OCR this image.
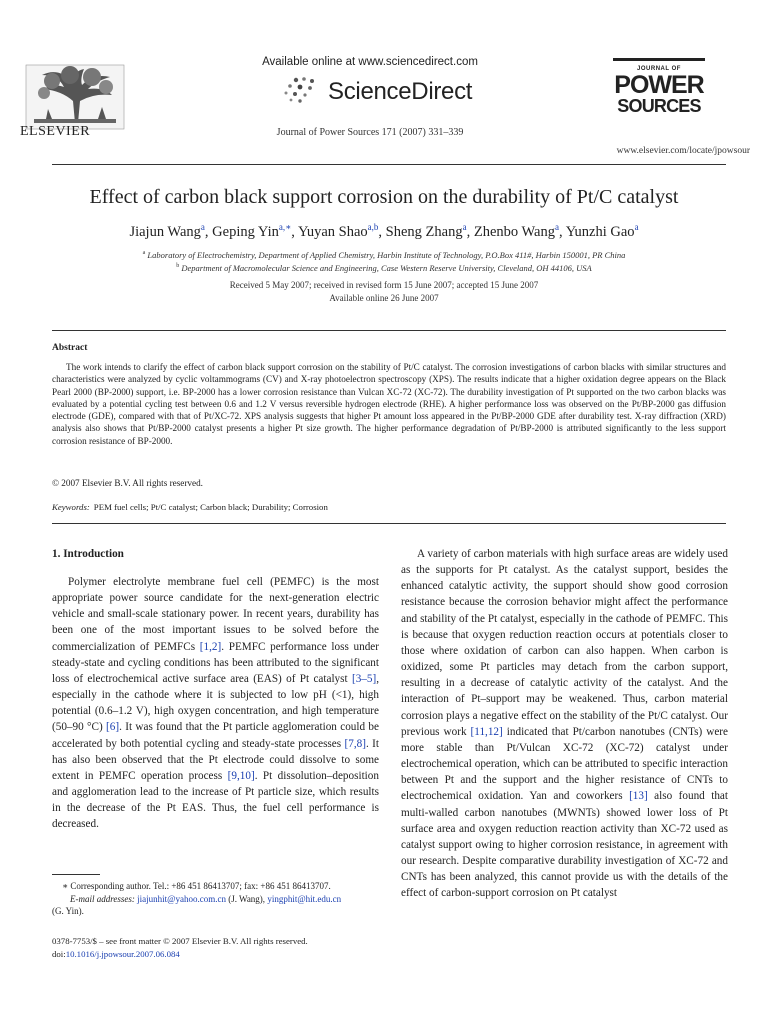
ELSEVIER
Available online at www.sciencedirect.com
ScienceDirect
Journal of Power Sources 171 (2007) 331–339
JOURNAL OF
POWER
SOURCES
www.elsevier.com/locate/jpowsour
Effect of carbon black support corrosion on the durability of Pt/C catalyst
Jiajun Wang$^a$, Geping Yin$^{a,∗}$, Yuyan Shao$^{a,b}$, Sheng Zhang$^a$, Zhenbo Wang$^a$, Yunzhi Gao$^a$
$^a$ Laboratory of Electrochemistry, Department of Applied Chemistry, Harbin Institute of Technology, P.O.Box 411#, Harbin 150001, PR China
$^b$ Department of Macromolecular Science and Engineering, Case Western Reserve University, Cleveland, OH 44106, USA
Received 5 May 2007; received in revised form 15 June 2007; accepted 15 June 2007
Available online 26 June 2007
Abstract

The work intends to clarify the effect of carbon black support corrosion on the stability of Pt/C catalyst. The corrosion investigations of carbon blacks with similar structures and characteristics were analyzed by cyclic voltammograms (CV) and X-ray photoelectron spectroscopy (XPS). The results indicate that a higher oxidation degree appears on the Black Pearl 2000 (BP-2000) support, i.e. BP-2000 has a lower corrosion resistance than Vulcan XC-72 (XC-72). The durability investigation of Pt supported on the two carbon blacks was evaluated by a potential cycling test between 0.6 and 1.2 V versus reversible hydrogen electrode (RHE). A higher performance loss was observed on the Pt/BP-2000 gas diffusion electrode (GDE), compared with that of Pt/XC-72. XPS analysis suggests that higher Pt amount loss appeared in the Pt/BP-2000 GDE after durability test. X-ray diffraction (XRD) analysis also shows that Pt/BP-2000 catalyst presents a higher Pt size growth. The higher performance degradation of Pt/BP-2000 is attributed significantly to the less support corrosion resistance of BP-2000.

© 2007 Elsevier B.V. All rights reserved.
Keywords: PEM fuel cells; Pt/C catalyst; Carbon black; Durability; Corrosion
1. Introduction

Polymer electrolyte membrane fuel cell (PEMFC) is the most appropriate power source candidate for the next-generation electric vehicle and small-scale stationary power. In recent years, durability has been one of the most important issues to be solved before the commercialization of PEMFCs [1,2]. PEMFC performance loss under steady-state and cycling conditions has been attributed to the significant loss of electrochemical active surface area (EAS) of Pt catalyst [3–5], especially in the cathode where it is subjected to low pH (<1), high potential (0.6–1.2 V), high oxygen concentration, and high temperature (50–90 °C) [6]. It was found that the Pt particle agglomeration could be accelerated by both potential cycling and steady-state processes [7,8]. It has also been observed that the Pt electrode could dissolve to some extent in PEMFC operation process [9,10]. Pt dissolution–deposition and agglomeration lead to the increase of Pt particle size, which results in the decrease of the Pt EAS. Thus, the fuel cell performance is decreased.

A variety of carbon materials with high surface areas are widely used as the supports for Pt catalyst. As the catalyst support, besides the enhanced catalytic activity, the support should show good corrosion resistance because the corrosion behavior might affect the performance and stability of the Pt catalyst, especially in the cathode of PEMFC. This is because that oxygen reduction reaction occurs at potentials closer to those where oxidation of carbon can also happen. When carbon is oxidized, some Pt particles may detach from the carbon support, resulting in a decrease of catalytic activity of the catalyst. And the interaction of Pt–support may be weakened. Thus, carbon material corrosion plays a negative effect on the stability of the Pt/C catalyst. Our previous work [11,12] indicated that Pt/carbon nanotubes (CNTs) were more stable than Pt/Vulcan XC-72 (XC-72) catalyst under electrochemical operation, which can be attributed to specific interaction between Pt and the support and the higher resistance of CNTs to electrochemical oxidation. Yan and coworkers [13] also found that multi-walled carbon nanotubes (MWNTs) showed lower loss of Pt surface area and oxygen reduction reaction activity than XC-72 used as catalyst support owing to higher corrosion resistance, in agreement with our research. Despite comparative durability investigation of XC-72 and CNTs has been analyzed, this cannot provide us with the details of the effect of carbon-support corrosion on Pt catalyst

∗ Corresponding author. Tel.: +86 451 86413707; fax: +86 451 86413707.
E-mail addresses: jiajunhit@yahoo.com.cn (J. Wang), yingphit@hit.edu.cn
(G. Yin).
0378-7753/$ – see front matter © 2007 Elsevier B.V. All rights reserved.
doi:10.1016/j.jpowsour.2007.06.084
